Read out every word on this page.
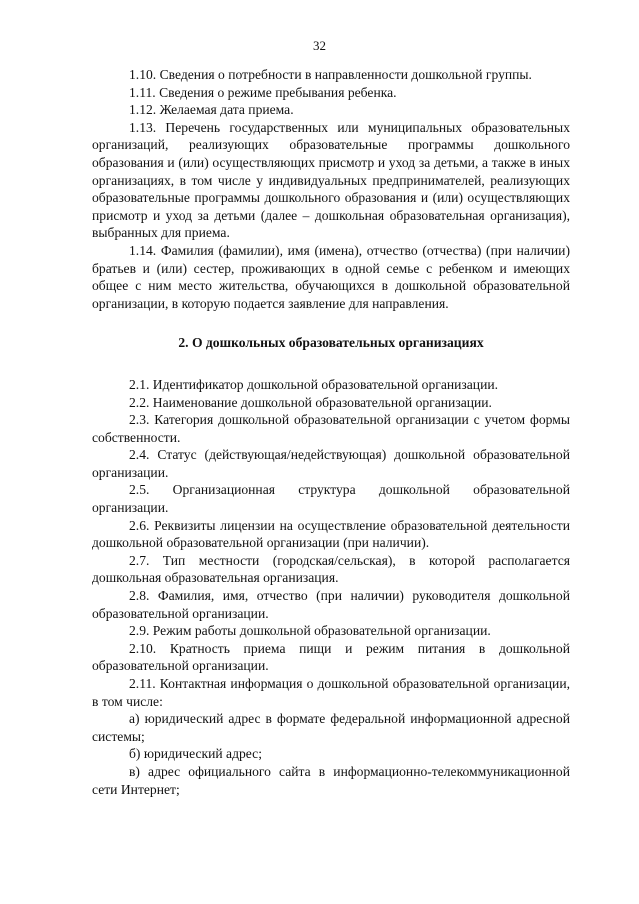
32

1.10. Сведения о потребности в направленности дошкольной группы.

1.11. Сведения о режиме пребывания ребенка.

1.12. Желаемая дата приема.

1.13. Перечень государственных или муниципальных образовательных организаций, реализующих образовательные программы дошкольного образования и (или) осуществляющих присмотр и уход за детьми, а также в иных организациях, в том числе у индивидуальных предпринимателей, реализующих образовательные программы дошкольного образования и (или) осуществляющих присмотр и уход за детьми (далее – дошкольная образовательная организация), выбранных для приема.

1.14. Фамилия (фамилии), имя (имена), отчество (отчества) (при наличии) братьев и (или) сестер, проживающих в одной семье с ребенком и имеющих общее с ним место жительства, обучающихся в дошкольной образовательной организации, в которую подается заявление для направления.

2. О дошкольных образовательных организациях

2.1. Идентификатор дошкольной образовательной организации.

2.2. Наименование дошкольной образовательной организации.

2.3. Категория дошкольной образовательной организации с учетом формы собственности.

2.4. Статус (действующая/недействующая) дошкольной образовательной организации.

2.5. Организационная структура дошкольной образовательной организации.

2.6. Реквизиты лицензии на осуществление образовательной деятельности дошкольной образовательной организации (при наличии).

2.7. Тип местности (городская/сельская), в которой располагается дошкольная образовательная организация.

2.8. Фамилия, имя, отчество (при наличии) руководителя дошкольной образовательной организации.

2.9. Режим работы дошкольной образовательной организации.

2.10. Кратность приема пищи и режим питания в дошкольной образовательной организации.

2.11. Контактная информация о дошкольной образовательной организации, в том числе:

а) юридический адрес в формате федеральной информационной адресной системы;

б) юридический адрес;

в) адрес официального сайта в информационно-телекоммуникационной сети Интернет;
